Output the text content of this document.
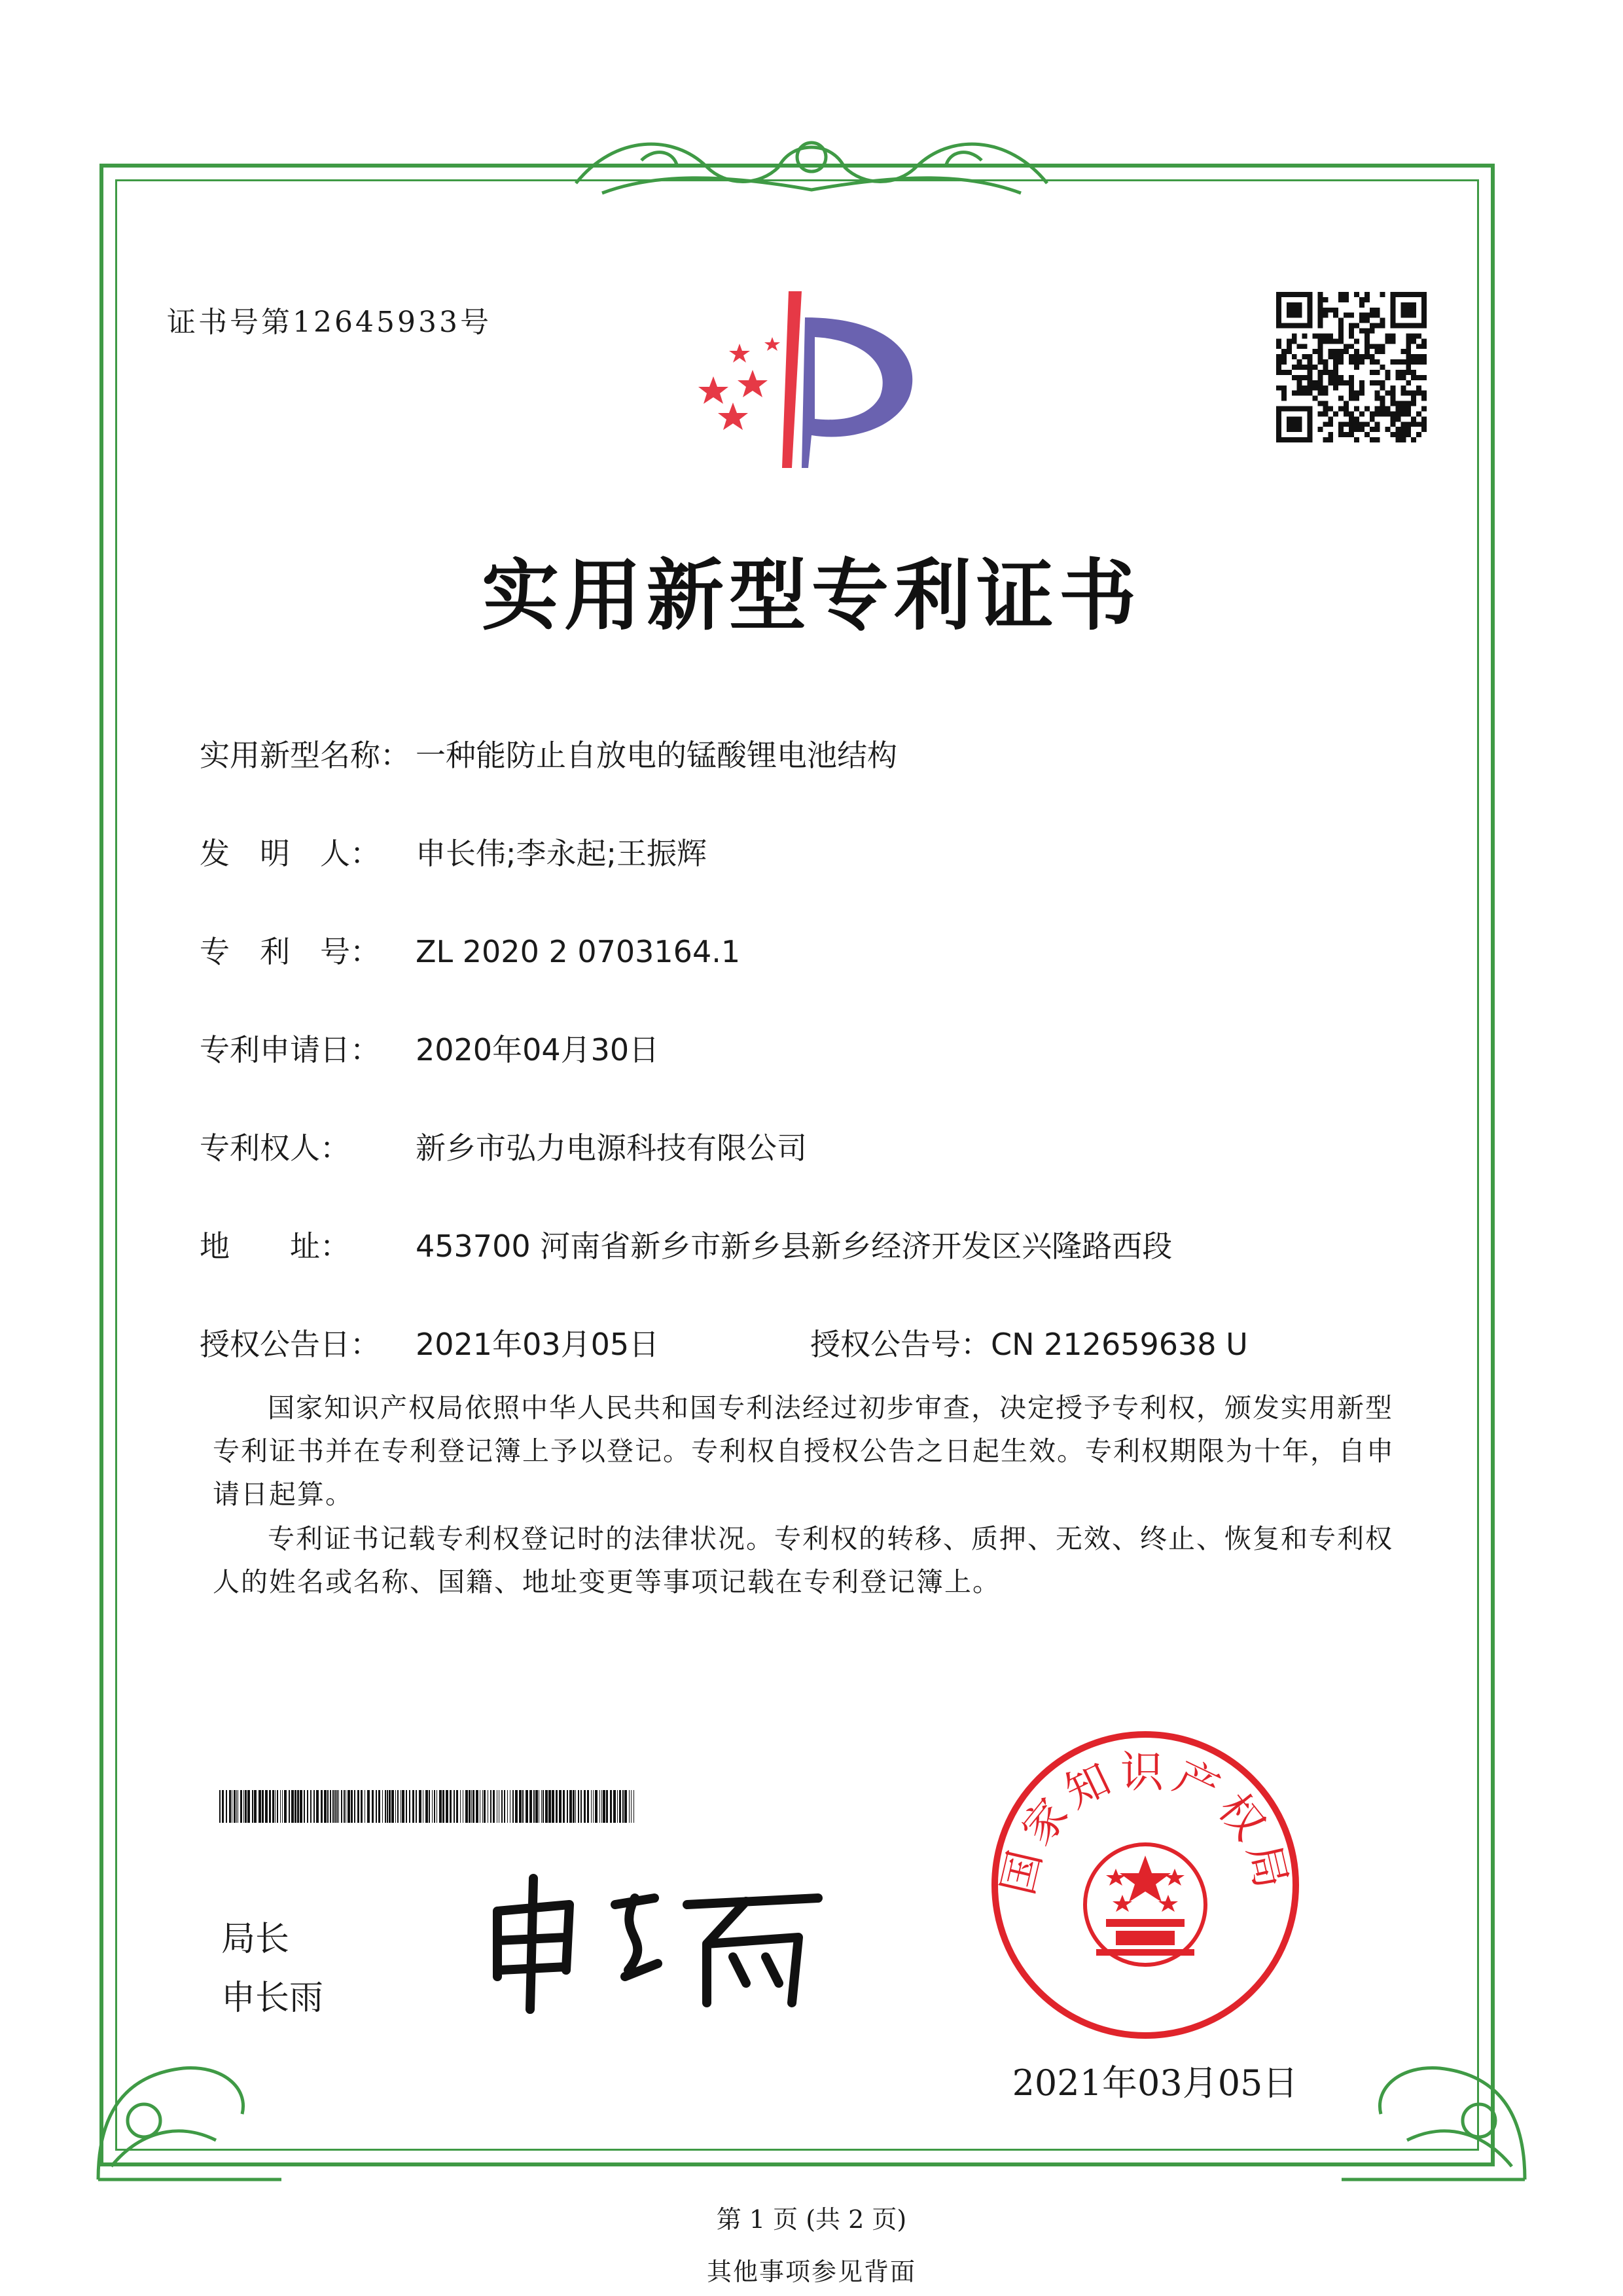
证书号第12645933号
实用新型专利证书
实用新型名称： 一种能防止自放电的锰酸锂电池结构
发　明　人： 申长伟;李永起;王振辉
专　利　号： ZL 2020 2 0703164.1
专利申请日： 2020年04月30日
专利权人： 新乡市弘力电源科技有限公司
地　　址： 453700 河南省新乡市新乡县新乡经济开发区兴隆路西段
授权公告日： 2021年03月05日	授权公告号：CN 212659638 U
国家知识产权局依照中华人民共和国专利法经过初步审查，决定授予专利权，颁发实用新型专利证书并在专利登记簿上予以登记。专利权自授权公告之日起生效。专利权期限为十年，自申请日起算。
专利证书记载专利权登记时的法律状况。专利权的转移、质押、无效、终止、恢复和专利权人的姓名或名称、国籍、地址变更等事项记载在专利登记簿上。
局长
申长雨
国家知识产权局
2021年03月05日
第 1 页 (共 2 页)
其他事项参见背面
